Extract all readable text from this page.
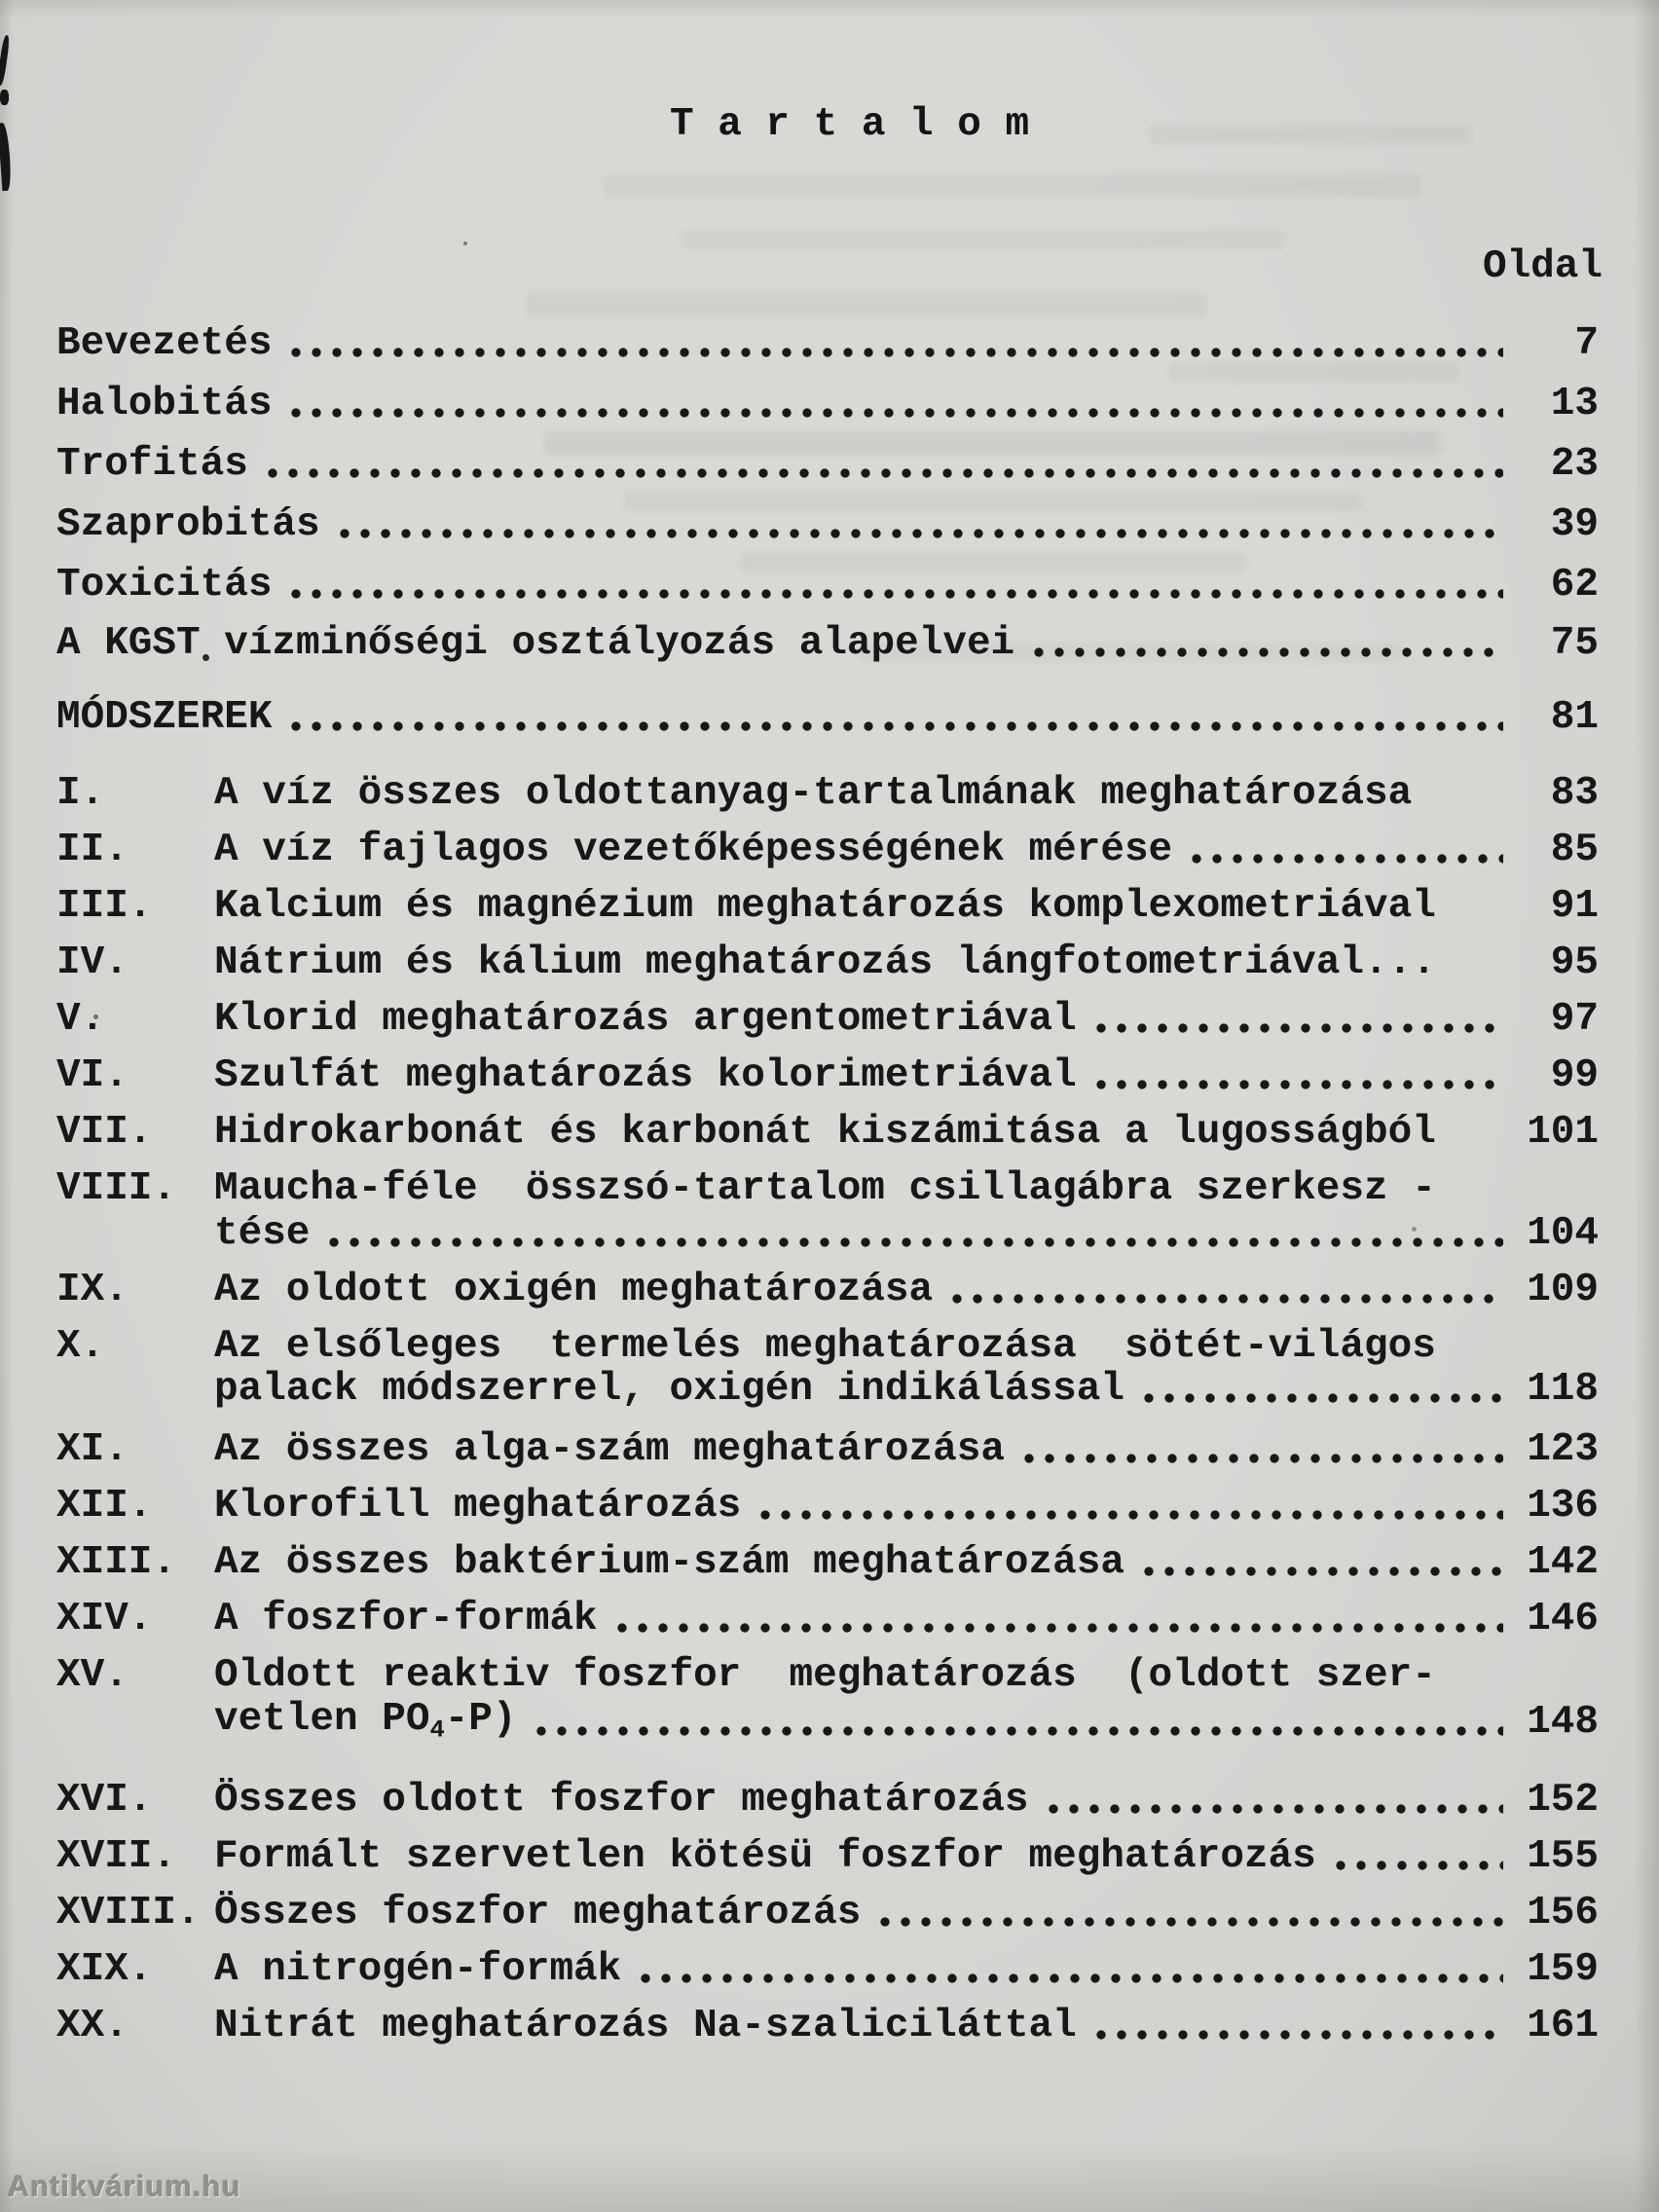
T a r t a l o m
Oldal
Bevezetés	7
Halobitás	13
Trofitás	23
Szaprobitás	39
Toxicitás	62
A KGST vízminőségi osztályozás alapelvei	75
MÓDSZEREK	81
I.	A víz összes oldottanyag-tartalmának meghatározása	83
II.	A víz fajlagos vezetőképességének mérése	85
III.	Kalcium és magnézium meghatározás komplexometriával	91
IV.	Nátrium és kálium meghatározás lángfotometriával...	95
V.	Klorid meghatározás argentometriával	97
VI.	Szulfát meghatározás kolorimetriával	99
VII.	Hidrokarbonát és karbonát kiszámitása a lugosságból 101
VIII. Maucha-féle  összsó-tartalom csillagábra szerkesz -
tése	104
IX.	Az oldott oxigén meghatározása	109
X.	Az elsőleges  termelés meghatározása  sötét-világos
palack módszerrel, oxigén indikálással	118
XI.	Az összes alga-szám meghatározása	123
XII.	Klorofill meghatározás	136
XIII. Az összes baktérium-szám meghatározása	142
XIV.	A foszfor-formák	146
XV.	Oldott reaktiv foszfor  meghatározás  (oldott szer-
vetlen $PO_4-P$)	148
XVI.	Összes oldott foszfor meghatározás	152
XVII. Formált szervetlen kötésü foszfor meghatározás	155
XVIII. Összes foszfor meghatározás	156
XIX.	A nitrogén-formák	159
XX.	Nitrát meghatározás Na-szaliciláttal	161
Antikvárium.hu
